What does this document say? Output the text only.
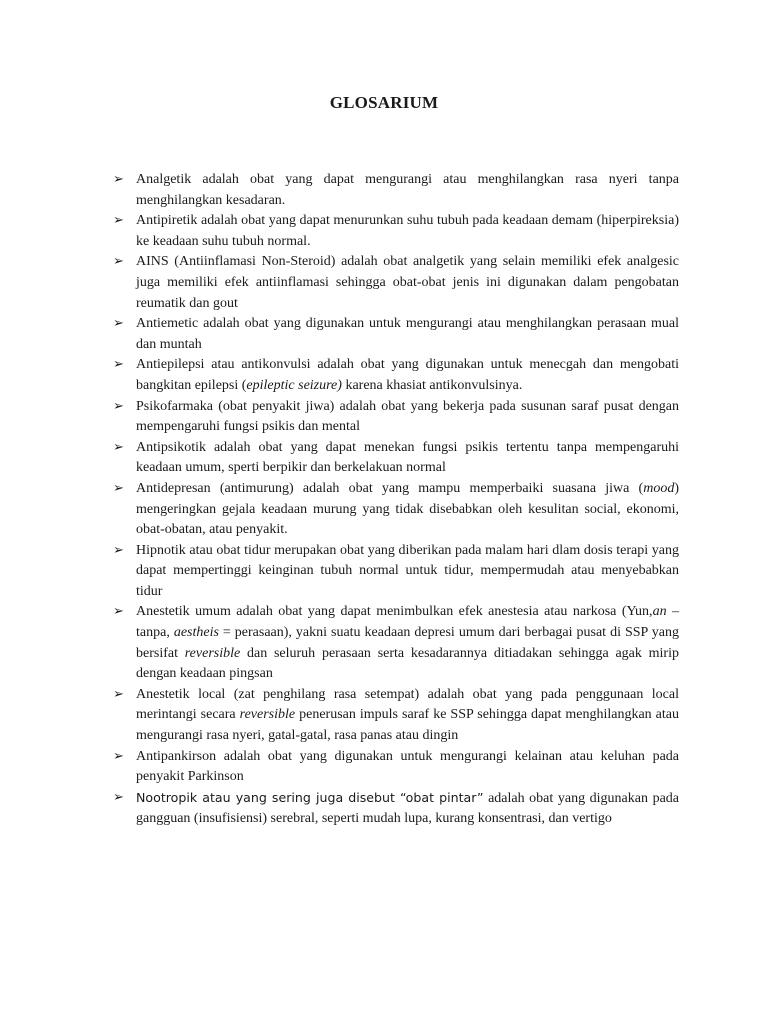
GLOSARIUM
➢ Analgetik adalah obat yang dapat mengurangi atau menghilangkan rasa nyeri tanpa menghilangkan kesadaran.
➢ Antipiretik adalah obat yang dapat menurunkan suhu tubuh pada keadaan demam (hiperpireksia) ke keadaan suhu tubuh normal.
➢ AINS (Antiinflamasi Non-Steroid) adalah obat analgetik yang selain memiliki efek analgesic juga memiliki efek antiinflamasi sehingga obat-obat jenis ini digunakan dalam pengobatan reumatik dan gout
➢ Antiemetic adalah obat yang digunakan untuk mengurangi atau menghilangkan perasaan mual dan muntah
➢ Antiepilepsi atau antikonvulsi adalah obat yang digunakan untuk menecgah dan mengobati bangkitan epilepsi (epileptic seizure) karena khasiat antikonvulsinya.
➢ Psikofarmaka (obat penyakit jiwa) adalah obat yang bekerja pada susunan saraf pusat dengan mempengaruhi fungsi psikis dan mental
➢ Antipsikotik adalah obat yang dapat menekan fungsi psikis tertentu tanpa mempengaruhi keadaan umum, sperti berpikir dan berkelakuan normal
➢ Antidepresan (antimurung) adalah obat yang mampu memperbaiki suasana jiwa (mood) mengeringkan gejala keadaan murung yang tidak disebabkan oleh kesulitan social, ekonomi, obat-obatan, atau penyakit.
➢ Hipnotik atau obat tidur merupakan obat yang diberikan pada malam hari dlam dosis terapi yang dapat mempertinggi keinginan tubuh normal untuk tidur, mempermudah atau menyebabkan tidur
➢ Anestetik umum adalah obat yang dapat menimbulkan efek anestesia atau narkosa (Yun,an – tanpa, aestheis = perasaan), yakni suatu keadaan depresi umum dari berbagai pusat di SSP yang bersifat reversible dan seluruh perasaan serta kesadarannya ditiadakan sehingga agak mirip dengan keadaan pingsan
➢ Anestetik local (zat penghilang rasa setempat) adalah obat yang pada penggunaan local merintangi secara reversible penerusan impuls saraf ke SSP sehingga dapat menghilangkan atau mengurangi rasa nyeri, gatal-gatal, rasa panas atau dingin
➢ Antipankirson adalah obat yang digunakan untuk mengurangi kelainan atau keluhan pada penyakit Parkinson
➢ Nootropik atau yang sering juga disebut “obat pintar” adalah obat yang digunakan pada gangguan (insufisiensi) serebral, seperti mudah lupa, kurang konsentrasi, dan vertigo
